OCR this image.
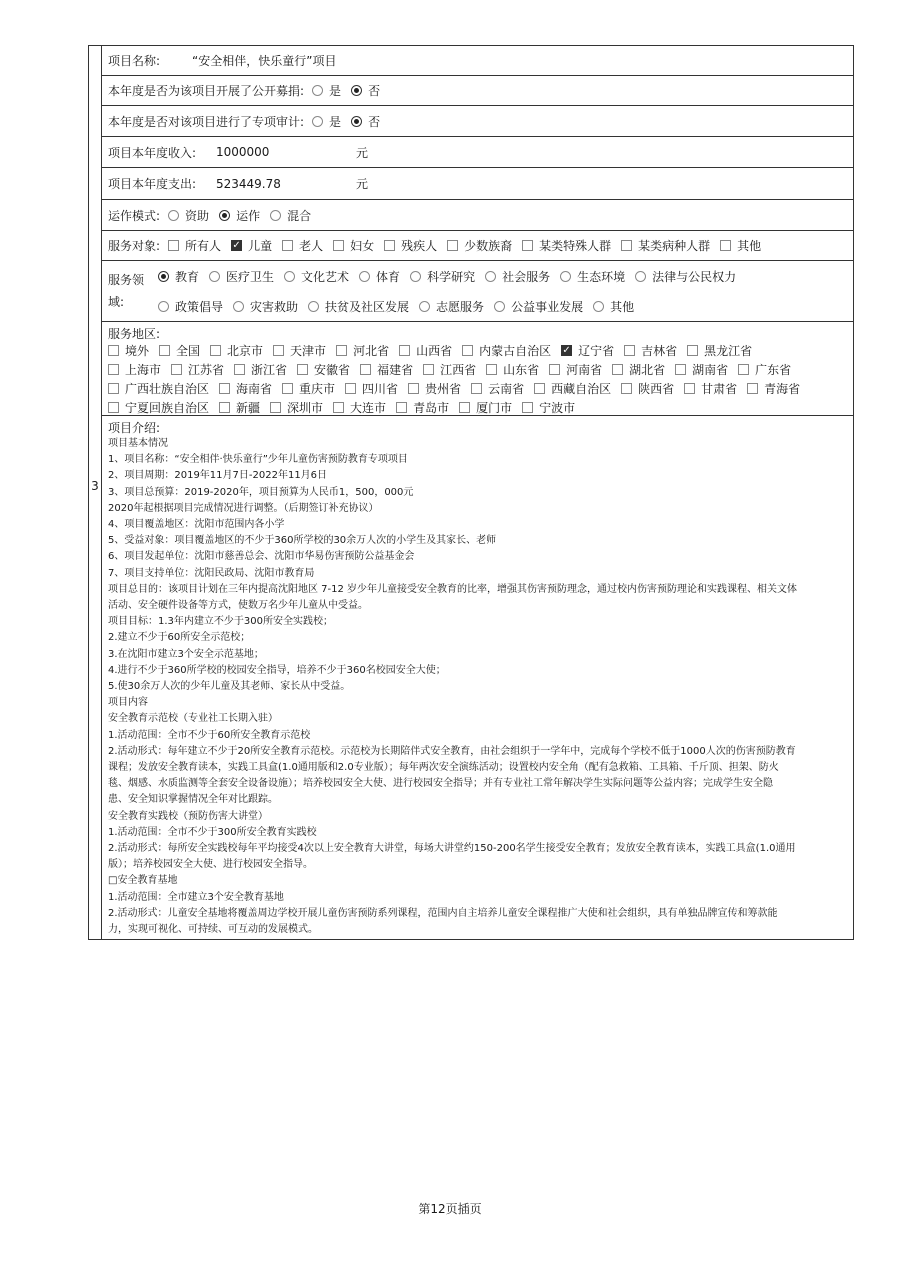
3
项目名称:	“安全相伴，快乐童行”项目
本年度是否为该项目开展了公开募捐: 是 否
本年度是否对该项目进行了专项审计: 是 否
项目本年度收入:	1000000	元
项目本年度支出:	523449.78	元
运作模式: 资助 运作 混合
服务对象: 所有人 ✓ 儿童 老人 妇女 残疾人 少数族裔 某类特殊人群 某类病种人群 其他
服务领
域:
教育 医疗卫生 文化艺术 体育 科学研究 社会服务 生态环境 法律与公民权力
政策倡导 灾害救助 扶贫及社区发展 志愿服务 公益事业发展 其他
服务地区:
境外 全国 北京市 天津市 河北省 山西省 内蒙古自治区 ✓ 辽宁省 吉林省 黑龙江省
上海市 江苏省 浙江省 安徽省 福建省 江西省 山东省 河南省 湖北省 湖南省 广东省
广西壮族自治区 海南省 重庆市 四川省 贵州省 云南省 西藏自治区 陕西省 甘肃省 青海省
宁夏回族自治区 新疆 深圳市 大连市 青岛市 厦门市 宁波市
项目介绍:
项目基本情况
1、项目名称：“安全相伴·快乐童行”少年儿童伤害预防教育专项项目
2、项目周期：2019年11月7日-2022年11月6日
3、项目总预算：2019-2020年，项目预算为人民币1，500，000元
2020年起根据项目完成情况进行调整。（后期签订补充协议）
4、项目覆盖地区：沈阳市范围内各小学
5、受益对象：项目覆盖地区的不少于360所学校的30余万人次的小学生及其家长、老师
6、项目发起单位：沈阳市慈善总会、沈阳市华易伤害预防公益基金会
7、项目支持单位：沈阳民政局、沈阳市教育局
项目总目的：该项目计划在三年内提高沈阳地区 7-12 岁少年儿童接受安全教育的比率，增强其伤害预防理念，通过校内伤害预防理论和实践课程、相关文体
活动、安全硬件设备等方式，使数万名少年儿童从中受益。
项目目标：1.3年内建立不少于300所安全实践校；
2.建立不少于60所安全示范校；
3.在沈阳市建立3个安全示范基地；
4.进行不少于360所学校的校园安全指导，培养不少于360名校园安全大使；
5.使30余万人次的少年儿童及其老师、家长从中受益。
项目内容
安全教育示范校（专业社工长期入驻）
1.活动范围：全市不少于60所安全教育示范校
2.活动形式：每年建立不少于20所安全教育示范校。示范校为长期陪伴式安全教育，由社会组织于一学年中，完成每个学校不低于1000人次的伤害预防教育
课程；发放安全教育读本，实践工具盒(1.0通用版和2.0专业版）；每年两次安全演练活动；设置校内安全角（配有急救箱、工具箱、千斤顶、担架、防火
毯、烟感、水质监测等全套安全设备设施）；培养校园安全大使、进行校园安全指导；并有专业社工常年解决学生实际问题等公益内容；完成学生安全隐
患、安全知识掌握情况全年对比跟踪。
安全教育实践校（预防伤害大讲堂）
1.活动范围：全市不少于300所安全教育实践校
2.活动形式：每所安全实践校每年平均接受4次以上安全教育大讲堂，每场大讲堂约150-200名学生接受安全教育；发放安全教育读本，实践工具盒(1.0通用
版）；培养校园安全大使、进行校园安全指导。
□安全教育基地
1.活动范围：全市建立3个安全教育基地
2.活动形式：儿童安全基地将覆盖周边学校开展儿童伤害预防系列课程，范围内自主培养儿童安全课程推广大使和社会组织，具有单独品牌宣传和筹款能
力，实现可视化、可持续、可互动的发展模式。
第12页插页
